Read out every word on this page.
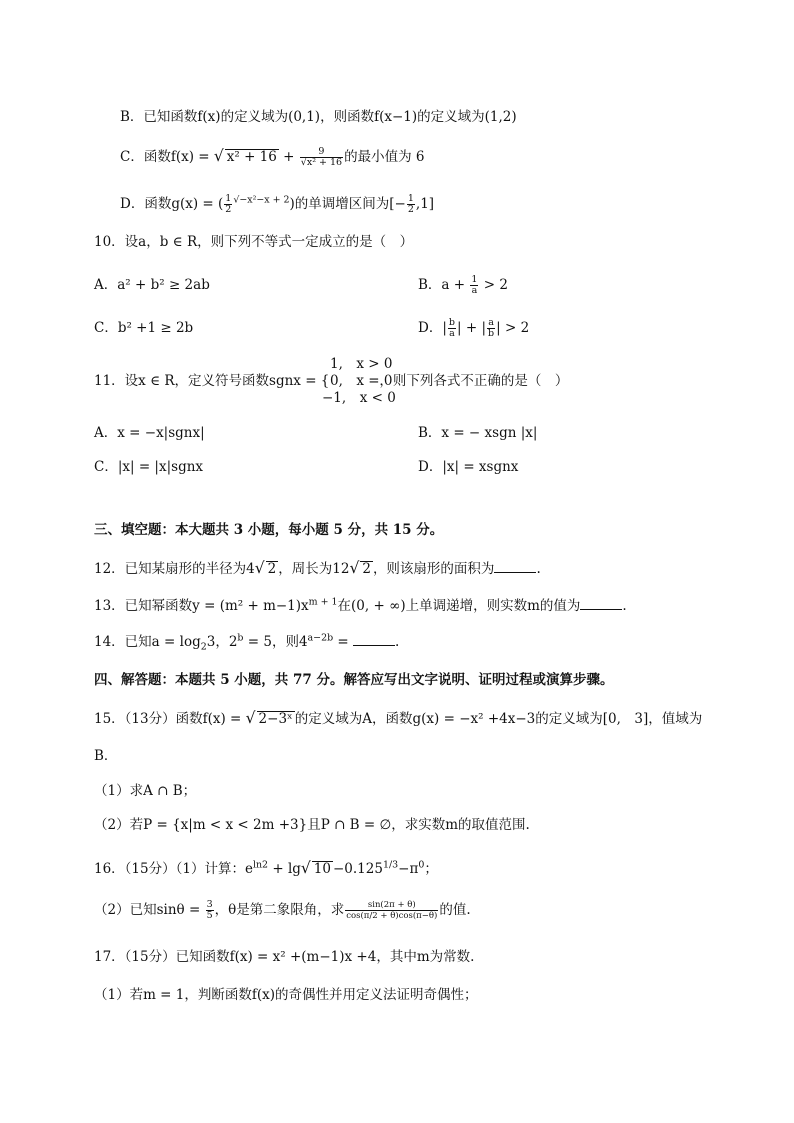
B．已知函数f(x)的定义域为(0,1)，则函数f(x−1)的定义域为(1,2)
C．函数f(x) = √ $x^2 + 16 + \frac{9}{\text{√x² + 16}}$ 的最小值为 6
D．函数g(x) = ( $\frac{1}{2} ^{√-x^2-x + 2}$)的单调增区间为[− $\frac{1}{2} ,1$]
10．设a，b ∈ R，则下列不等式一定成立的是（　）
A．a² + b² ≥ 2ab	B．$a + \frac{1}{a} > 2$
C．b² +1 ≥ 2b	D．| $\frac{b}{a}$ | + | $\frac{a}{b}$ | > 2
11．设x ∈ R，定义符号函数sgnx = {	，则下列各式不正确的是（　）
1,　x > 0
0,　x = 0
−1,　x < 0
A．x = −x|sgnx|	B．x = − xsgn |x|
C．|x| = |x|sgnx	D．|x| = xsgnx
三、填空题：本大题共 3 小题，每小题 5 分，共 15 分。
12．已知某扇形的半径为4√ 2 ，周长为12√ 2 ，则该扇形的面积为	.
13．已知幂函数$y = (m^2 + m-1)x^{m + 1}$在(0, + ∞)上单调递增，则实数m的值为	.
14．已知$a = \log_23$，$2^b = 5$，则$4^{a-2b}$ =	.
四、解答题：本题共 5 小题，共 77 分。解答应写出文字说明、证明过程或演算步骤。
15．（13分）函数f(x) = √ 2−3ˣ 的定义域为A，函数g(x) = −x² +4x−3的定义域为[0,　3]，值域为
B．
（1）求A ∩ B；
（2）若P = {x|m < x < 2m +3}且P ∩ B = ∅，求实数m的取值范围.
16．（15分）（1）计算：$e^{ln2} + \lg√$ $10 -0.125^{1/3}-\pi^0$；
（2）已知$\sin\theta = \frac{3}{5}$ ，θ是第二象限角，求 $\frac{\sin(2\pi + \theta)}{\cos(\pi/2 + \theta)\cos(\pi-\theta)}$ 的值.
17．（15分）已知函数f(x) = x² +(m−1)x +4，其中m为常数.
（1）若m = 1，判断函数f(x)的奇偶性并用定义法证明奇偶性；
